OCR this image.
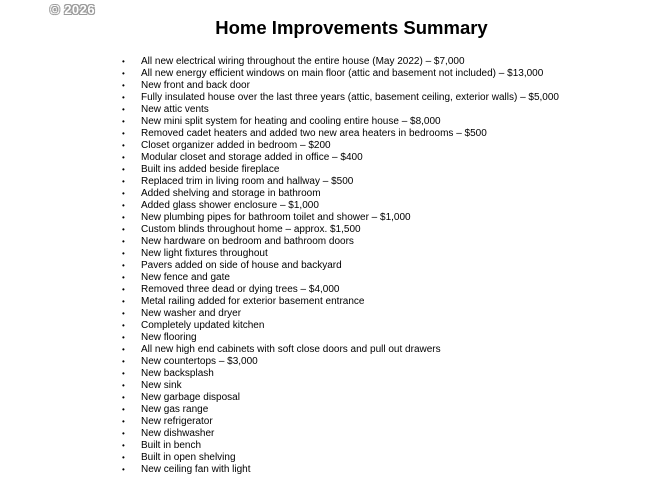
© 2026
Home Improvements Summary
• All new electrical wiring throughout the entire house (May 2022) – $7,000
• All new energy efficient windows on main floor (attic and basement not included) – $13,000
• New front and back door
• Fully insulated house over the last three years (attic, basement ceiling, exterior walls) – $5,000
• New attic vents
• New mini split system for heating and cooling entire house – $8,000
• Removed cadet heaters and added two new area heaters in bedrooms – $500
• Closet organizer added in bedroom – $200
• Modular closet and storage added in office – $400
• Built ins added beside fireplace
• Replaced trim in living room and hallway – $500
• Added shelving and storage in bathroom
• Added glass shower enclosure – $1,000
• New plumbing pipes for bathroom toilet and shower – $1,000
• Custom blinds throughout home – approx. $1,500
• New hardware on bedroom and bathroom doors
• New light fixtures throughout
• Pavers added on side of house and backyard
• New fence and gate
• Removed three dead or dying trees – $4,000
• Metal railing added for exterior basement entrance
• New washer and dryer
• Completely updated kitchen
• New flooring
• All new high end cabinets with soft close doors and pull out drawers
• New countertops – $3,000
• New backsplash
• New sink
• New garbage disposal
• New gas range
• New refrigerator
• New dishwasher
• Built in bench
• Built in open shelving
• New ceiling fan with light
